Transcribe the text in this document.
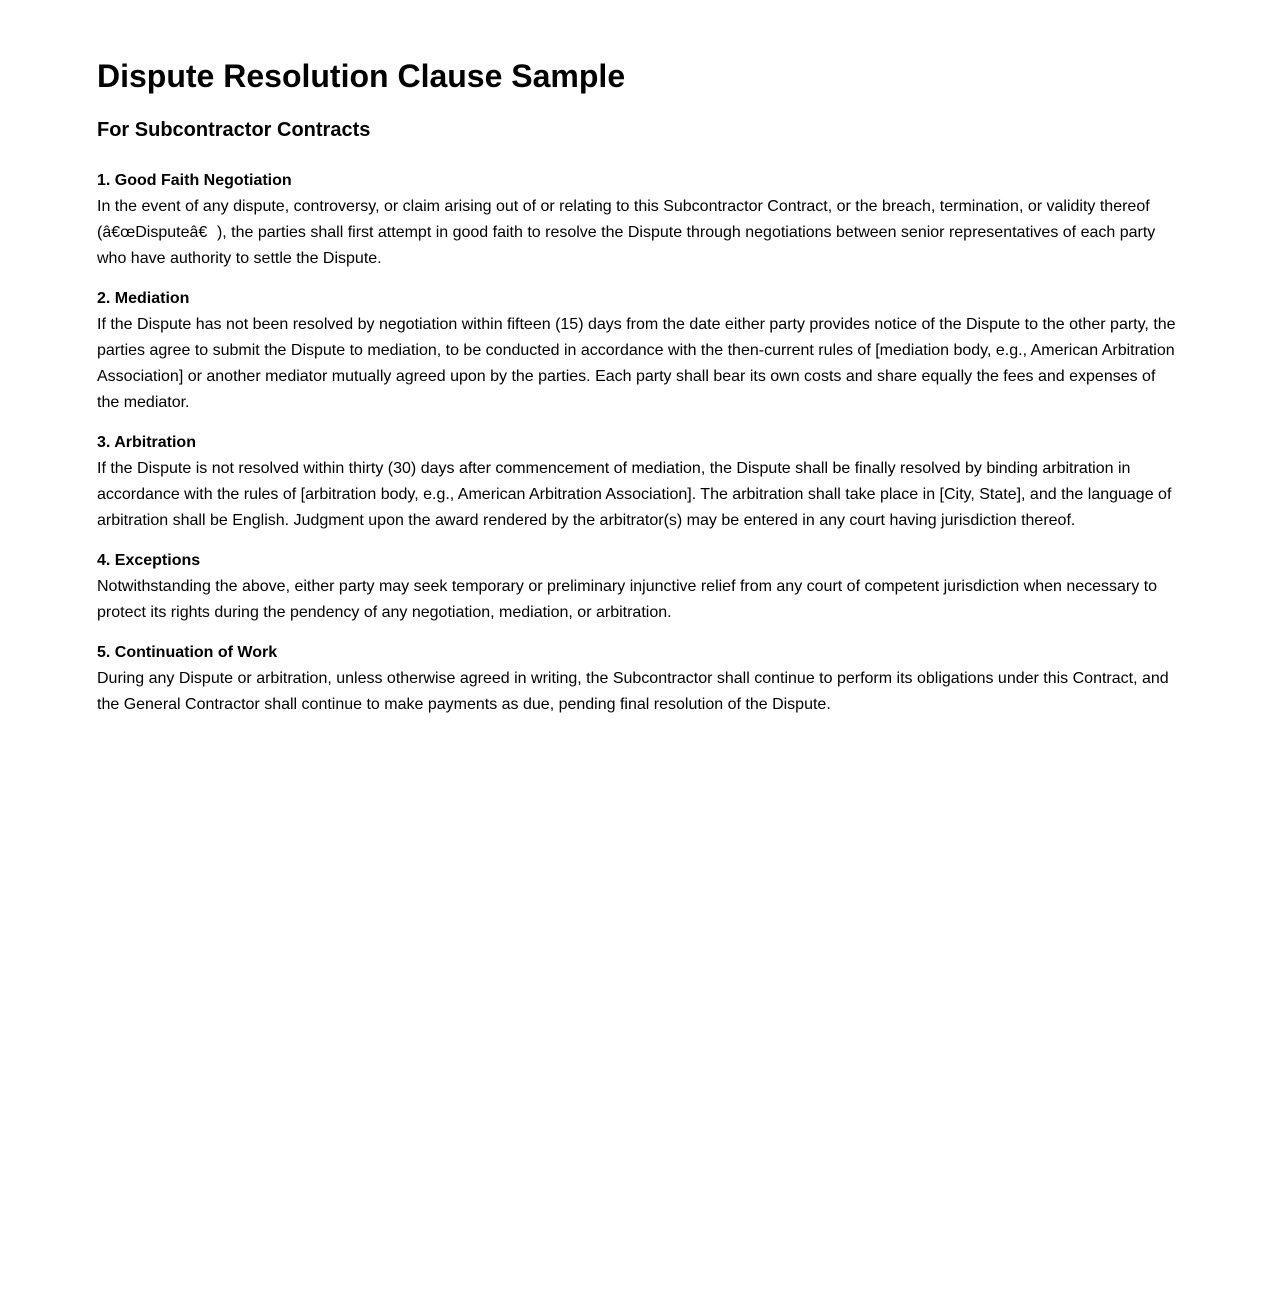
Dispute Resolution Clause Sample
For Subcontractor Contracts

1. Good Faith Negotiation
In the event of any dispute, controversy, or claim arising out of or relating to this Subcontractor Contract, or the breach, termination, or validity thereof (â€œDisputeâ€), the parties shall first attempt in good faith to resolve the Dispute through negotiations between senior representatives of each party who have authority to settle the Dispute.

2. Mediation
If the Dispute has not been resolved by negotiation within fifteen (15) days from the date either party provides notice of the Dispute to the other party, the parties agree to submit the Dispute to mediation, to be conducted in accordance with the then-current rules of [mediation body, e.g., American Arbitration Association] or another mediator mutually agreed upon by the parties. Each party shall bear its own costs and share equally the fees and expenses of the mediator.

3. Arbitration
If the Dispute is not resolved within thirty (30) days after commencement of mediation, the Dispute shall be finally resolved by binding arbitration in accordance with the rules of [arbitration body, e.g., American Arbitration Association]. The arbitration shall take place in [City, State], and the language of arbitration shall be English. Judgment upon the award rendered by the arbitrator(s) may be entered in any court having jurisdiction thereof.

4. Exceptions
Notwithstanding the above, either party may seek temporary or preliminary injunctive relief from any court of competent jurisdiction when necessary to protect its rights during the pendency of any negotiation, mediation, or arbitration.

5. Continuation of Work
During any Dispute or arbitration, unless otherwise agreed in writing, the Subcontractor shall continue to perform its obligations under this Contract, and the General Contractor shall continue to make payments as due, pending final resolution of the Dispute.
